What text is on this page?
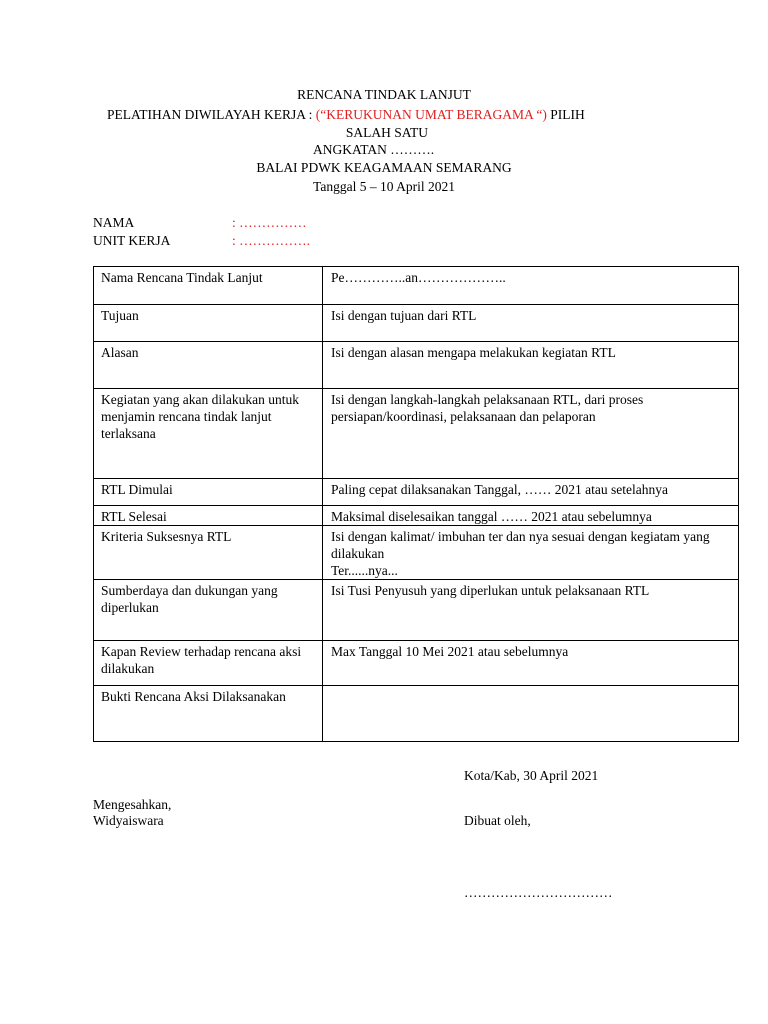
RENCANA TINDAK LANJUT
PELATIHAN DIWILAYAH KERJA : (“KERUKUNAN UMAT BERAGAMA “) PILIH
SALAH SATU
ANGKATAN ……….
BALAI PDWK KEAGAMAAN SEMARANG
Tanggal 5 – 10 April 2021
NAMA	: ……………
UNIT KERJA	: …………….
Nama Rencana Tindak Lanjut	Pe…………..an………………..
Tujuan	Isi dengan tujuan dari RTL
Alasan	Isi dengan alasan mengapa melakukan kegiatan RTL
Kegiatan yang akan dilakukan untuk menjamin rencana tindak lanjut terlaksana	Isi dengan langkah-langkah pelaksanaan RTL, dari proses persiapan/koordinasi, pelaksanaan dan pelaporan
RTL Dimulai	Paling cepat dilaksanakan Tanggal, …… 2021 atau setelahnya
RTL Selesai	Maksimal diselesaikan tanggal …… 2021 atau sebelumnya
Kriteria Suksesnya RTL	Isi dengan kalimat/ imbuhan ter dan nya sesuai dengan kegiatam yang dilakukan
Ter......nya...
Sumberdaya dan dukungan yang diperlukan	Isi Tusi Penyusuh yang diperlukan untuk pelaksanaan RTL
Kapan Review terhadap rencana aksi dilakukan	Max Tanggal 10 Mei 2021 atau sebelumnya
Bukti Rencana Aksi Dilaksanakan	
Kota/Kab, 30 April 2021
Mengesahkan,
Widyaiswara	Dibuat oleh,
……………………………
